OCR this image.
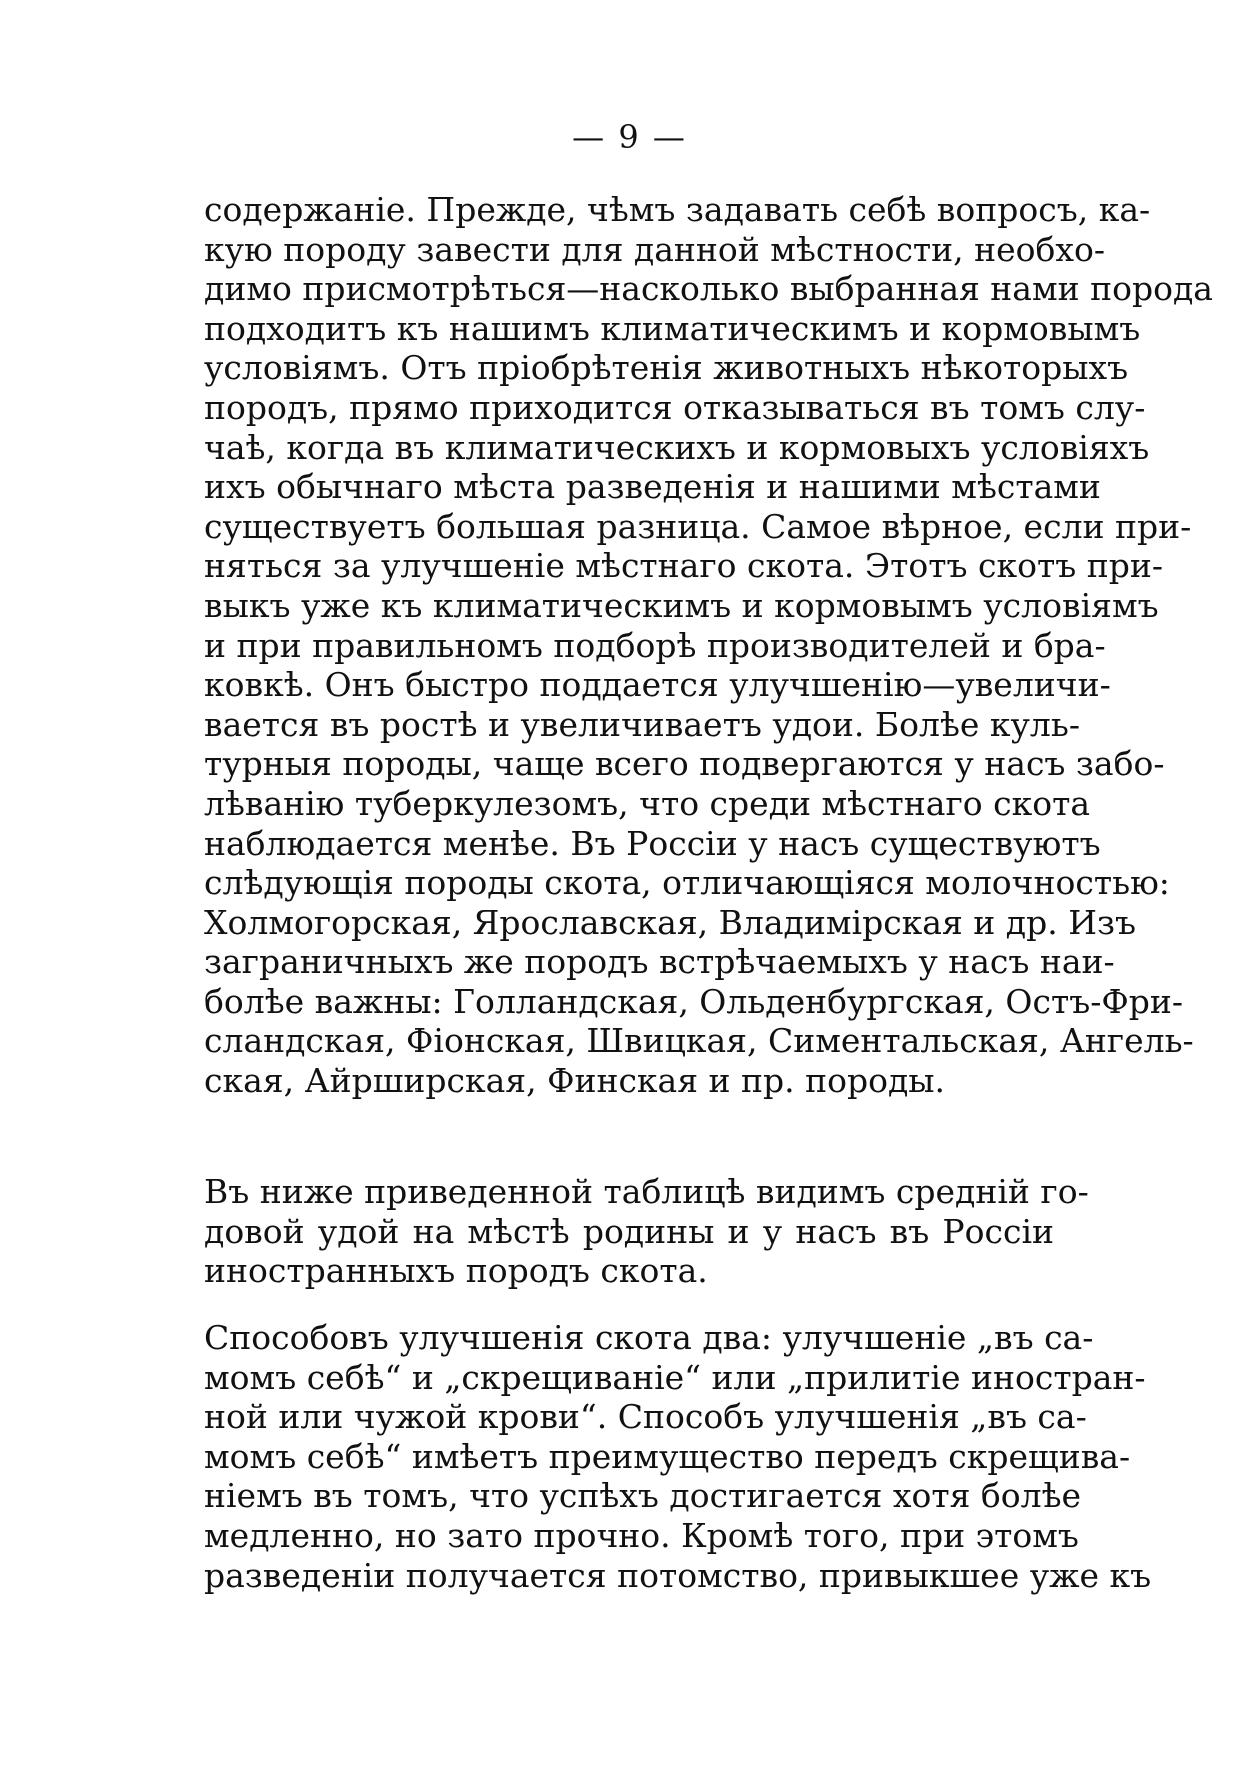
— 9 —
содержаніе. Прежде, чѣмъ задавать себѣ вопросъ, ка-
кую породу завести для данной мѣстности, необхо-
димо присмотрѣться—насколько выбранная нами порода
подходитъ къ нашимъ климатическимъ и кормовымъ
условіямъ. Отъ пріобрѣтенія животныхъ нѣкоторыхъ
породъ, прямо приходится отказываться въ томъ слу-
чаѣ, когда въ климатическихъ и кормовыхъ условіяхъ
ихъ обычнаго мѣста разведенія и нашими мѣстами
существуетъ большая разница. Самое вѣрное, если при-
няться за улучшеніе мѣстнаго скота. Этотъ скотъ при-
выкъ уже къ климатическимъ и кормовымъ условіямъ
и при правильномъ подборѣ производителей и бра-
ковкѣ. Онъ быстро поддается улучшенію—увеличи-
вается въ ростѣ и увеличиваетъ удои. Болѣе куль-
турныя породы, чаще всего подвергаются у насъ забо-
лѣванію туберкулезомъ, что среди мѣстнаго скота
наблюдается менѣе. Въ Россіи у насъ существуютъ
слѣдующія породы скота, отличающіяся молочностью:
Холмогорская, Ярославская, Владимірская и др. Изъ
заграничныхъ же породъ встрѣчаемыхъ у насъ наи-
болѣе важны: Голландская, Ольденбургская, Остъ-Фри-
сландская, Фіонская, Швицкая, Симентальская, Ангель-
ская, Айрширская, Финская и пр. породы.
Въ ниже приведенной таблицѣ видимъ средній го-
довой удой на мѣстѣ родины и у насъ въ Россіи
иностранныхъ породъ скота.
Способовъ улучшенія скота два: улучшеніе „въ са-
момъ себѣ“ и „скрещиваніе“ или „прилитіе иностран-
ной или чужой крови“. Способъ улучшенія „въ са-
момъ себѣ“ имѣетъ преимущество передъ скрещива-
ніемъ въ томъ, что успѣхъ достигается хотя болѣе
медленно, но зато прочно. Кромѣ того, при этомъ
разведеніи получается потомство, привыкшее уже къ
